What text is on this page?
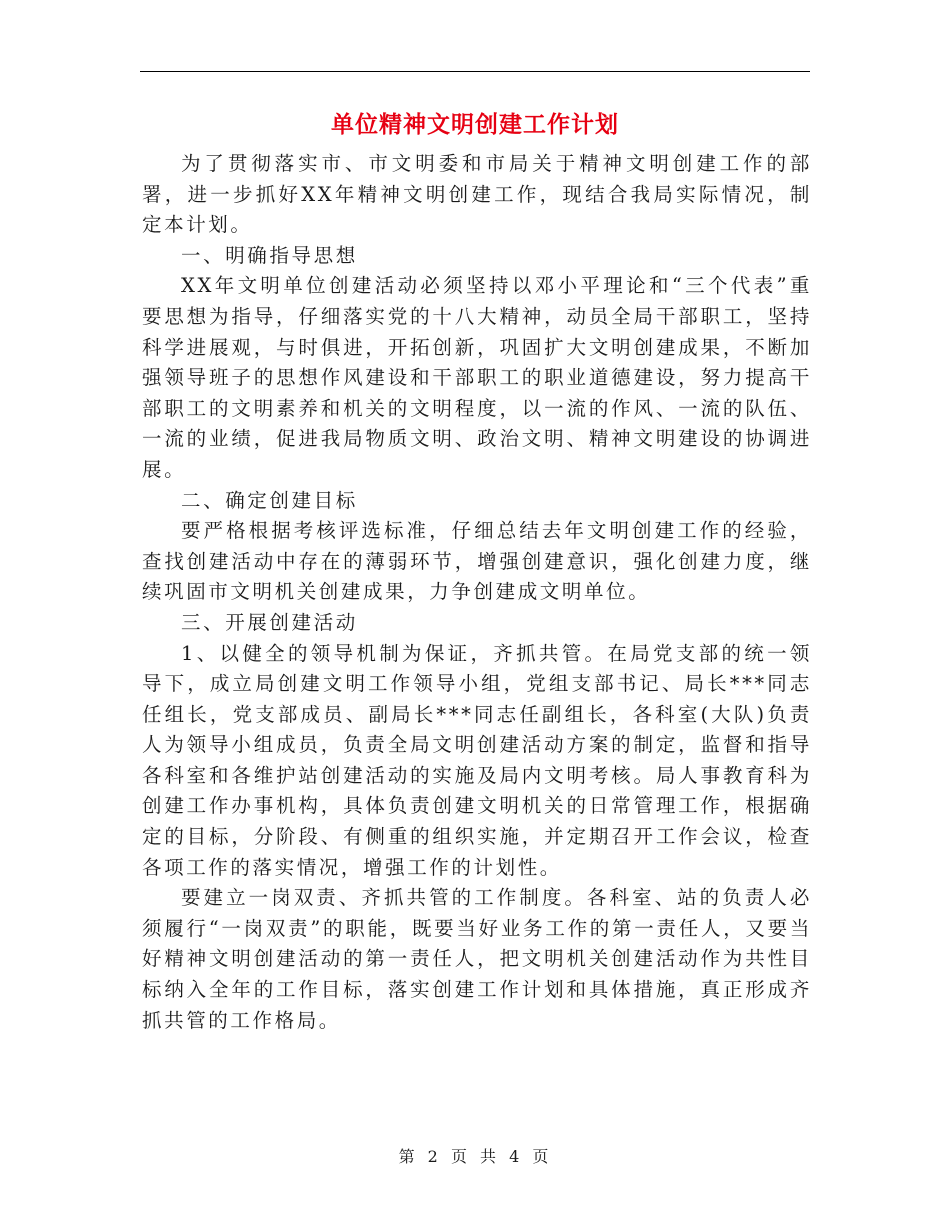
单位精神文明创建工作计划

为了贯彻落实市、市文明委和市局关于精神文明创建工作的部署，进一步抓好XX年精神文明创建工作，现结合我局实际情况，制定本计划。

一、明确指导思想

XX年文明单位创建活动必须坚持以邓小平理论和“三个代表”重要思想为指导，仔细落实党的十八大精神，动员全局干部职工，坚持科学进展观，与时俱进，开拓创新，巩固扩大文明创建成果，不断加强领导班子的思想作风建设和干部职工的职业道德建设，努力提高干部职工的文明素养和机关的文明程度，以一流的作风、一流的队伍、一流的业绩，促进我局物质文明、政治文明、精神文明建设的协调进展。

二、确定创建目标

要严格根据考核评选标准，仔细总结去年文明创建工作的经验，查找创建活动中存在的薄弱环节，增强创建意识，强化创建力度，继续巩固市文明机关创建成果，力争创建成文明单位。

三、开展创建活动

1、以健全的领导机制为保证，齐抓共管。在局党支部的统一领导下，成立局创建文明工作领导小组，党组支部书记、局长***同志任组长，党支部成员、副局长***同志任副组长，各科室(大队)负责人为领导小组成员，负责全局文明创建活动方案的制定，监督和指导各科室和各维护站创建活动的实施及局内文明考核。局人事教育科为创建工作办事机构，具体负责创建文明机关的日常管理工作，根据确定的目标，分阶段、有侧重的组织实施，并定期召开工作会议，检查各项工作的落实情况，增强工作的计划性。

要建立一岗双责、齐抓共管的工作制度。各科室、站的负责人必须履行“一岗双责”的职能，既要当好业务工作的第一责任人，又要当好精神文明创建活动的第一责任人，把文明机关创建活动作为共性目标纳入全年的工作目标，落实创建工作计划和具体措施，真正形成齐抓共管的工作格局。

第 2 页 共 4 页
